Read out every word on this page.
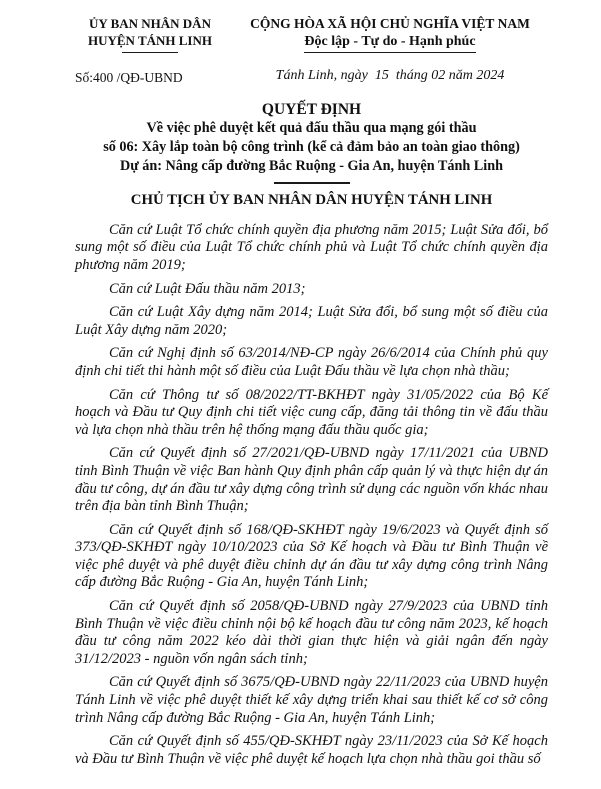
ỦY BAN NHÂN DÂN
HUYỆN TÁNH LINH
Số:400 /QĐ-UBND
CỘNG HÒA XÃ HỘI CHỦ NGHĨA VIỆT NAM
Độc lập - Tự do - Hạnh phúc
Tánh Linh, ngày  15  tháng 02 năm 2024
QUYẾT ĐỊNH
Về việc phê duyệt kết quả đấu thầu qua mạng gói thầu
số 06: Xây lắp toàn bộ công trình (kể cả đảm bảo an toàn giao thông)
Dự án: Nâng cấp đường Bắc Ruộng - Gia An, huyện Tánh Linh
CHỦ TỊCH ỦY BAN NHÂN DÂN HUYỆN TÁNH LINH

Căn cứ Luật Tổ chức chính quyền địa phương năm 2015; Luật Sửa đổi, bổ sung một số điều của Luật Tổ chức chính phủ và Luật Tổ chức chính quyền địa phương năm 2019;

Căn cứ Luật Đấu thầu năm 2013;

Căn cứ Luật Xây dựng năm 2014; Luật Sửa đổi, bổ sung một số điều của Luật Xây dựng năm 2020;

Căn cứ Nghị định số 63/2014/NĐ-CP ngày 26/6/2014 của Chính phủ quy định chi tiết thi hành một số điều của Luật Đấu thầu về lựa chọn nhà thầu;

Căn cứ Thông tư số 08/2022/TT-BKHĐT ngày 31/05/2022 của Bộ Kế hoạch và Đầu tư Quy định chi tiết việc cung cấp, đăng tải thông tin về đấu thầu và lựa chọn nhà thầu trên hệ thống mạng đấu thầu quốc gia;

Căn cứ Quyết định số 27/2021/QĐ-UBND ngày 17/11/2021 của UBND tỉnh Bình Thuận về việc Ban hành Quy định phân cấp quản lý và thực hiện dự án đầu tư công, dự án đầu tư xây dựng công trình sử dụng các nguồn vốn khác nhau trên địa bàn tỉnh Bình Thuận;

Căn cứ Quyết định số 168/QĐ-SKHĐT ngày 19/6/2023 và Quyết định số 373/QĐ-SKHĐT ngày 10/10/2023 của Sở Kế hoạch và Đầu tư Bình Thuận về việc phê duyệt và phê duyệt điều chỉnh dự án đầu tư xây dựng công trình Nâng cấp đường Bắc Ruộng - Gia An, huyện Tánh Linh;

Căn cứ Quyết định số 2058/QĐ-UBND ngày 27/9/2023 của UBND tỉnh Bình Thuận về việc điều chỉnh nội bộ kế hoạch đầu tư công năm 2023, kế hoạch đầu tư công năm 2022 kéo dài thời gian thực hiện và giải ngân đến ngày 31/12/2023 - nguồn vốn ngân sách tỉnh;

Căn cứ Quyết định số 3675/QĐ-UBND ngày 22/11/2023 của UBND huyện Tánh Linh về việc phê duyệt thiết kế xây dựng triển khai sau thiết kế cơ sở công trình Nâng cấp đường Bắc Ruộng - Gia An, huyện Tánh Linh;

Căn cứ Quyết định số 455/QĐ-SKHĐT ngày 23/11/2023 của Sở Kế hoạch và Đầu tư Bình Thuận về việc phê duyệt kế hoạch lựa chọn nhà thầu goi thầu số
